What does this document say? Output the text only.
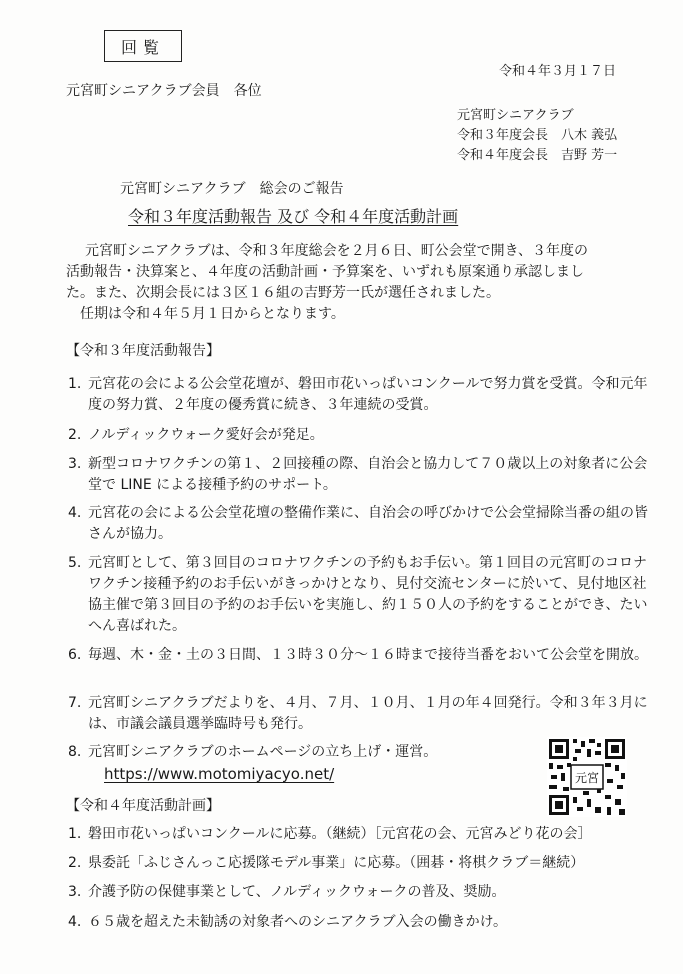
回覧
令和４年３月１７日
元宮町シニアクラブ会員　各位
元宮町シニアクラブ
令和３年度会長　八木 義弘
令和４年度会長　吉野 芳一
元宮町シニアクラブ　総会のご報告
令和３年度活動報告 及び 令和４年度活動計画
元宮町シニアクラブは、令和３年度総会を２月６日、町公会堂で開き、３年度の
活動報告・決算案と、４年度の活動計画・予算案を、いずれも原案通り承認しまし
た。また、次期会長には３区１６組の吉野芳一氏が選任されました。
任期は令和４年５月１日からとなります。
【令和３年度活動報告】
1. 元宮花の会による公会堂花壇が、磐田市花いっぱいコンクールで努力賞を受賞。令和元年度の努力賞、２年度の優秀賞に続き、３年連続の受賞。
2. ノルディックウォーク愛好会が発足。
3. 新型コロナワクチンの第１、２回接種の際、自治会と協力して７０歳以上の対象者に公会堂で LINE による接種予約のサポート。
4. 元宮花の会による公会堂花壇の整備作業に、自治会の呼びかけで公会堂掃除当番の組の皆さんが協力。
5. 元宮町として、第３回目のコロナワクチンの予約もお手伝い。第１回目の元宮町のコロナワクチン接種予約のお手伝いがきっかけとなり、見付交流センターに於いて、見付地区社協主催で第３回目の予約のお手伝いを実施し、約１５０人の予約をすることができ、たいへん喜ばれた。
6. 毎週、木・金・土の３日間、１３時３０分～１６時まで接待当番をおいて公会堂を開放。
7. 元宮町シニアクラブだよりを、４月、７月、１０月、１月の年４回発行。令和３年３月には、市議会議員選挙臨時号も発行。
8. 元宮町シニアクラブのホームページの立ち上げ・運営。
https://www.motomiyacyo.net/	元宮
【令和４年度活動計画】
1. 磐田市花いっぱいコンクールに応募。（継続）［元宮花の会、元宮みどり花の会］
2. 県委託「ふじさんっこ応援隊モデル事業」に応募。（囲碁・将棋クラブ＝継続）
3. 介護予防の保健事業として、ノルディックウォークの普及、奨励。
4. ６５歳を超えた未勧誘の対象者へのシニアクラブ入会の働きかけ。
